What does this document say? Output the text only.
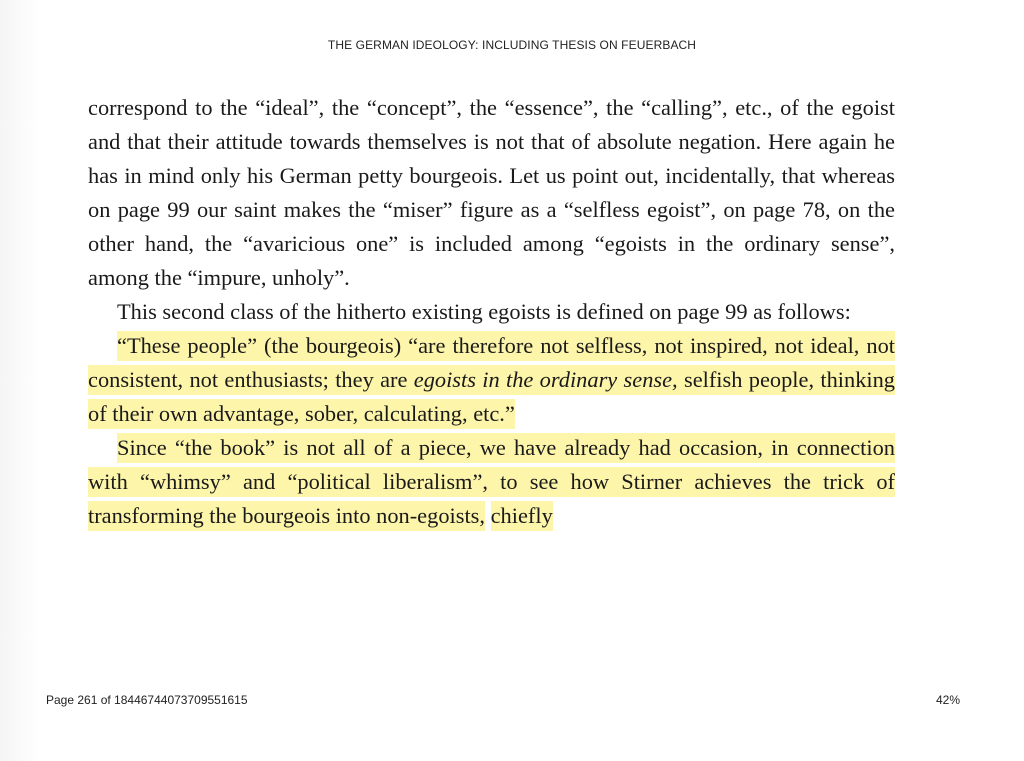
THE GERMAN IDEOLOGY: INCLUDING THESIS ON FEUERBACH

correspond to the “ideal”, the “concept”, the “essence”, the “calling”, etc., of the egoist and that their attitude towards themselves is not that of absolute negation. Here again he has in mind only his German petty bourgeois. Let us point out, incidentally, that whereas on page 99 our saint makes the “miser” figure as a “selfless egoist”, on page 78, on the other hand, the “avaricious one” is included among “egoists in the ordinary sense”, among the “impure, unholy”.

This second class of the hitherto existing egoists is defined on page 99 as follows:

“These people” (the bourgeois) “are therefore not selfless, not inspired, not ideal, not consistent, not enthusiasts; they are egoists in the ordinary sense, selfish people, thinking of their own advantage, sober, calculating, etc.”

Since “the book” is not all of a piece, we have already had occasion, in connection with “whimsy” and “political liberalism”, to see how Stirner achieves the trick of transforming the bourgeois into non-egoists, chiefly

Page 261 of 18446744073709551615	42%
